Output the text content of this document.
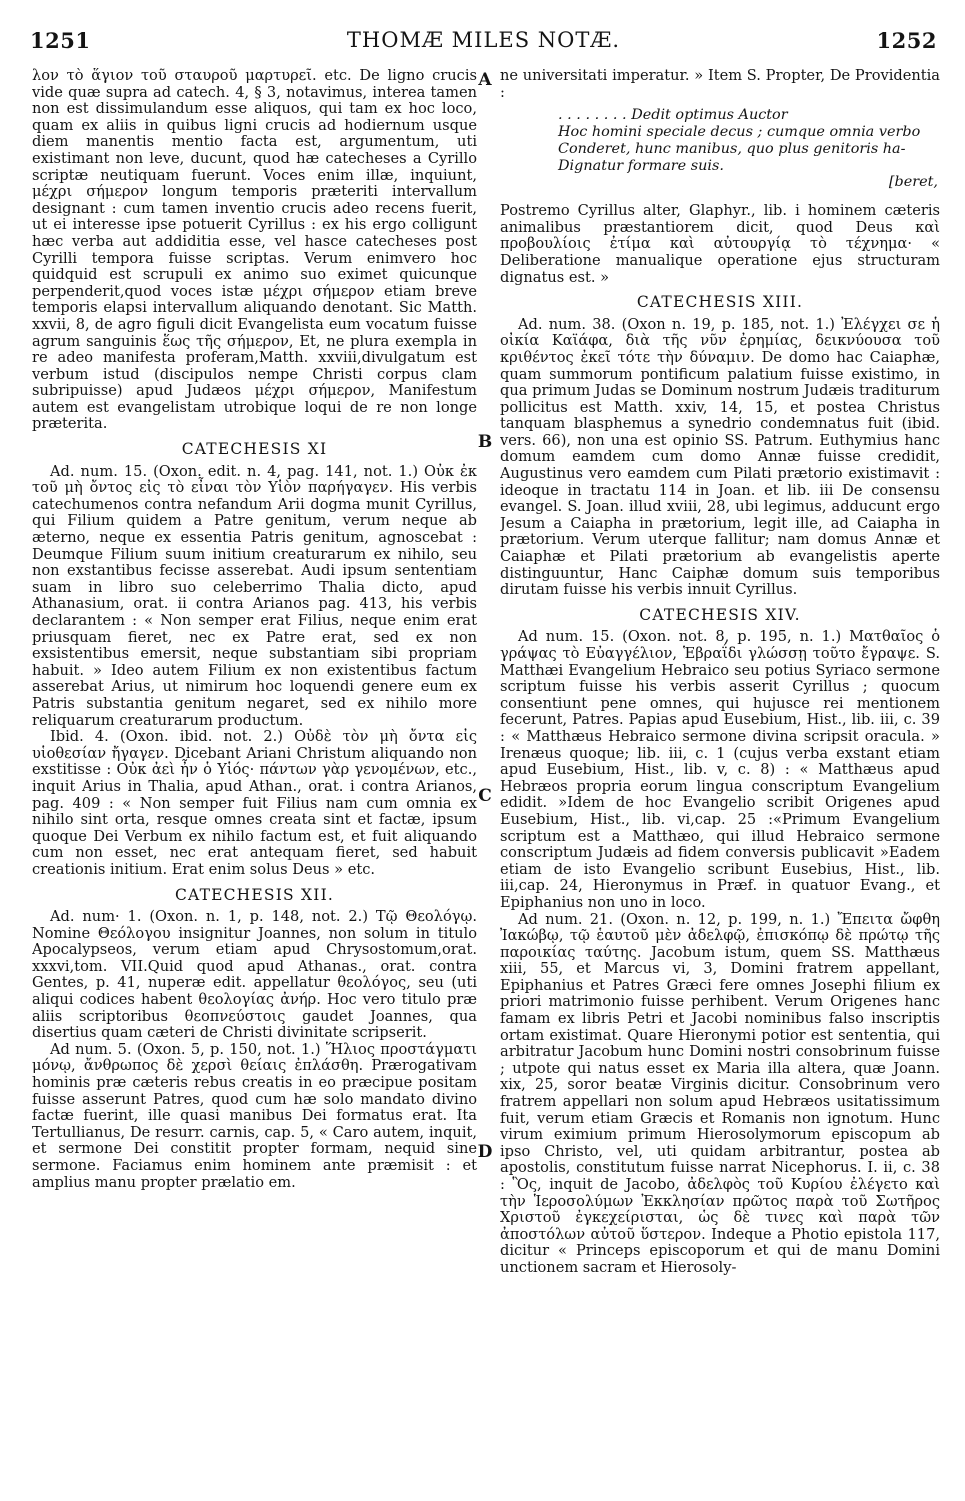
1251	THOMÆ MILES NOTÆ.	1252

λον τὸ ἅγιον τοῦ σταυροῦ μαρτυρεῖ. etc. De ligno crucis vide quæ supra ad catech. 4, § 3, notavimus, interea tamen non est dissimulandum esse aliquos, qui tam ex hoc loco, quam ex aliis in quibus ligni crucis ad hodiernum usque diem manentis mentio facta est, argumentum, uti existimant non leve, ducunt, quod hæ catecheses a Cyrillo scriptæ neutiquam fuerunt. Voces enim illæ, inquiunt, μέχρι σήμερον longum temporis præteriti intervallum designant : cum tamen inventio crucis adeo recens fuerit, ut ei interesse ipse potuerit Cyrillus : ex his ergo colligunt hæc verba aut addiditia esse, vel hasce catecheses post Cyrilli tempora fuisse scriptas. Verum enimvero hoc quidquid est scrupuli ex animo suo eximet quicunque perpenderit,quod voces istæ μέχρι σήμερον etiam breve temporis elapsi intervallum aliquando denotant. Sic Matth. xxvii, 8, de agro figuli dicit Evangelista eum vocatum fuisse agrum sanguinis ἕως τῆς σήμερον, Et, ne plura exempla in re adeo manifesta proferam,Matth. xxviii,divulgatum est verbum istud (discipulos nempe Christi corpus clam subripuisse) apud Judæos μέχρι σήμερον, Manifestum autem est evangelistam utrobique loqui de re non longe præterita.

CATECHESIS XI

Ad. num. 15. (Oxon. edit. n. 4, pag. 141, not. 1.) Οὐκ ἐκ τοῦ μὴ ὄντος εἰς τὸ εἶναι τὸν Υἱὸν παρήγαγεν. His verbis catechumenos contra nefandum Arii dogma munit Cyrillus, qui Filium quidem a Patre genitum, verum neque ab æterno, neque ex essentia Patris genitum, agnoscebat : Deumque Filium suum initium creaturarum ex nihilo, seu non exstantibus fecisse asserebat. Audi ipsum sententiam suam in libro suo celeberrimo Thalia dicto, apud Athanasium, orat. ii contra Arianos pag. 413, his verbis declarantem : « Non semper erat Filius, neque enim erat priusquam fieret, nec ex Patre erat, sed ex non exsistentibus emersit, neque substantiam sibi propriam habuit. » Ideo autem Filium ex non existentibus factum asserebat Arius, ut nimirum hoc loquendi genere eum ex Patris substantia genitum negaret, sed ex nihilo more reliquarum creaturarum productum.

Ibid. 4. (Oxon. ibid. not. 2.) Οὐδὲ τὸν μὴ ὄντα εἰς υἱοθεσίαν ἤγαγεν. Dicebant Ariani Christum aliquando non exstitisse : Οὐκ ἀεὶ ἦν ὁ Υἱός· πάντων γὰρ γενομένων, etc., inquit Arius in Thalia, apud Athan., orat. i contra Arianos, pag. 409 : « Non semper fuit Filius nam cum omnia ex nihilo sint orta, resque omnes creata sint et factæ, ipsum quoque Dei Verbum ex nihilo factum est, et fuit aliquando cum non esset, nec erat antequam fieret, sed habuit creationis initium. Erat enim solus Deus » etc.

CATECHESIS XII.

Ad. num· 1. (Oxon. n. 1, p. 148, not. 2.) Τῷ Θεολόγῳ. Nomine Θεόλογου insignitur Joannes, non solum in titulo Apocalypseos, verum etiam apud Chrysostomum,orat. xxxvi,tom. VII.Quid quod apud Athanas., orat. contra Gentes, p. 41, nuperæ edit. appellatur θεολόγος, seu (uti aliqui codices habent θεολογίας ἀνήρ. Hoc vero titulo præ aliis scriptoribus θεοπνεύστοις gaudet Joannes, qua disertius quam cæteri de Christi divinitate scripserit.

Ad num. 5. (Oxon. 5, p. 150, not. 1.) Ἥλιος προστάγματι μόνῳ, ἄνθρωπος δὲ χερσὶ θείαις ἐπλάσθη. Prærogativam hominis præ cæteris rebus creatis in eo præcipue positam fuisse asserunt Patres, quod cum hæ solo mandato divino factæ fuerint, ille quasi manibus Dei formatus erat. Ita Tertullianus, De resurr. carnis, cap. 5, « Caro autem, inquit, et sermone Dei constitit propter formam, nequid sine sermone. Faciamus enim hominem ante præmisit : et amplius manu propter prælatio em.

ne universitati imperatur. » Item S. Propter, De Providentia :

. . . . . . . . Dedit optimus Auctor
Hoc homini speciale decus ; cumque omnia verbo
Conderet, hunc manibus, quo plus genitoris ha-
Dignatur formare suis.
[beret,

Postremo Cyrillus alter, Glaphyr., lib. i hominem cæteris animalibus præstantiorem dicit, quod Deus καὶ προβουλίοις ἐτίμα καὶ αὐτουργίᾳ τὸ τέχνημα· « Deliberatione manualique operatione ejus structuram dignatus est. »

CATECHESIS XIII.

Ad. num. 38. (Oxon n. 19, p. 185, not. 1.) Ἐλέγχει σε ἡ οἰκία Καϊάφα, διὰ τῆς νῦν ἐρημίας, δεικνύουσα τοῦ κριθέντος ἐκεῖ τότε τὴν δύναμιν. De domo hac Caiaphæ, quam summorum pontificum palatium fuisse existimo, in qua primum Judas se Dominum nostrum Judæis traditurum pollicitus est Matth. xxiv, 14, 15, et postea Christus tanquam blasphemus a synedrio condemnatus fuit (ibid. vers. 66), non una est opinio SS. Patrum. Euthymius hanc domum eamdem cum domo Annæ fuisse credidit, Augustinus vero eamdem cum Pilati prætorio existimavit : ideoque in tractatu 114 in Joan. et lib. iii De consensu evangel. S. Joan. illud xviii, 28, ubi legimus, adducunt ergo Jesum a Caiapha in prætorium, legit ille, ad Caiapha in prætorium. Verum uterque fallitur; nam domus Annæ et Caiaphæ et Pilati prætorium ab evangelistis aperte distinguuntur, Hanc Caiphæ domum suis temporibus dirutam fuisse his verbis innuit Cyrillus.

CATECHESIS XIV.

Ad num. 15. (Oxon. not. 8, p. 195, n. 1.) Ματθαῖος ὁ γράψας τὸ Εὐαγγέλιον, Ἑβραΐδι γλώσσῃ τοῦτο ἔγραψε. S. Matthæi Evangelium Hebraico seu potius Syriaco sermone scriptum fuisse his verbis asserit Cyrillus ; quocum consentiunt pene omnes, qui hujusce rei mentionem fecerunt, Patres. Papias apud Eusebium, Hist., lib. iii, c. 39 : « Matthæus Hebraico sermone divina scripsit oracula. » Irenæus quoque; lib. iii, c. 1 (cujus verba exstant etiam apud Eusebium, Hist., lib. v, c. 8) : « Matthæus apud Hebræos propria eorum lingua conscriptum Evangelium edidit. »Idem de hoc Evangelio scribit Origenes apud Eusebium, Hist., lib. vi,cap. 25 :«Primum Evangelium scriptum est a Matthæo, qui illud Hebraico sermone conscriptum Judæis ad fidem conversis publicavit »Eadem etiam de isto Evangelio scribunt Eusebius, Hist., lib. iii,cap. 24, Hieronymus in Præf. in quatuor Evang., et Epiphanius non uno in loco.

Ad num. 21. (Oxon. n. 12, p. 199, n. 1.) Ἔπειτα ὤφθη Ἰακώβῳ, τῷ ἑαυτοῦ μὲν ἀδελφῷ, ἐπισκόπῳ δὲ πρώτῳ τῆς παροικίας ταύτης. Jacobum istum, quem SS. Matthæus xiii, 55, et Marcus vi, 3, Domini fratrem appellant, Epiphanius et Patres Græci fere omnes Josephi filium ex priori matrimonio fuisse perhibent. Verum Origenes hanc famam ex libris Petri et Jacobi nominibus falso inscriptis ortam existimat. Quare Hieronymi potior est sententia, qui arbitratur Jacobum hunc Domini nostri consobrinum fuisse ; utpote qui natus esset ex Maria illa altera, quæ Joann. xix, 25, soror beatæ Virginis dicitur. Consobrinum vero fratrem appellari non solum apud Hebræos usitatissimum fuit, verum etiam Græcis et Romanis non ignotum. Hunc virum eximium primum Hierosolymorum episcopum ab ipso Christo, vel, uti quidam arbitrantur, postea ab apostolis, constitutum fuisse narrat Nicephorus. I. ii, c. 38 : Ὃς, inquit de Jacobo, ἀδελφὸς τοῦ Κυρίου ἐλέγετο καὶ τὴν Ἱεροσολύμων Ἐκκλησίαν πρῶτος παρὰ τοῦ Σωτῆρος Χριστοῦ ἐγκεχείρισται, ὡς δὲ τινες καὶ παρὰ τῶν ἀποστόλων αὐτοῦ ὕστερον. Indeque a Photio epistola 117, dicitur « Princeps episcoporum et qui de manu Domini unctionem sacram et Hierosoly-

A
B
C
D
